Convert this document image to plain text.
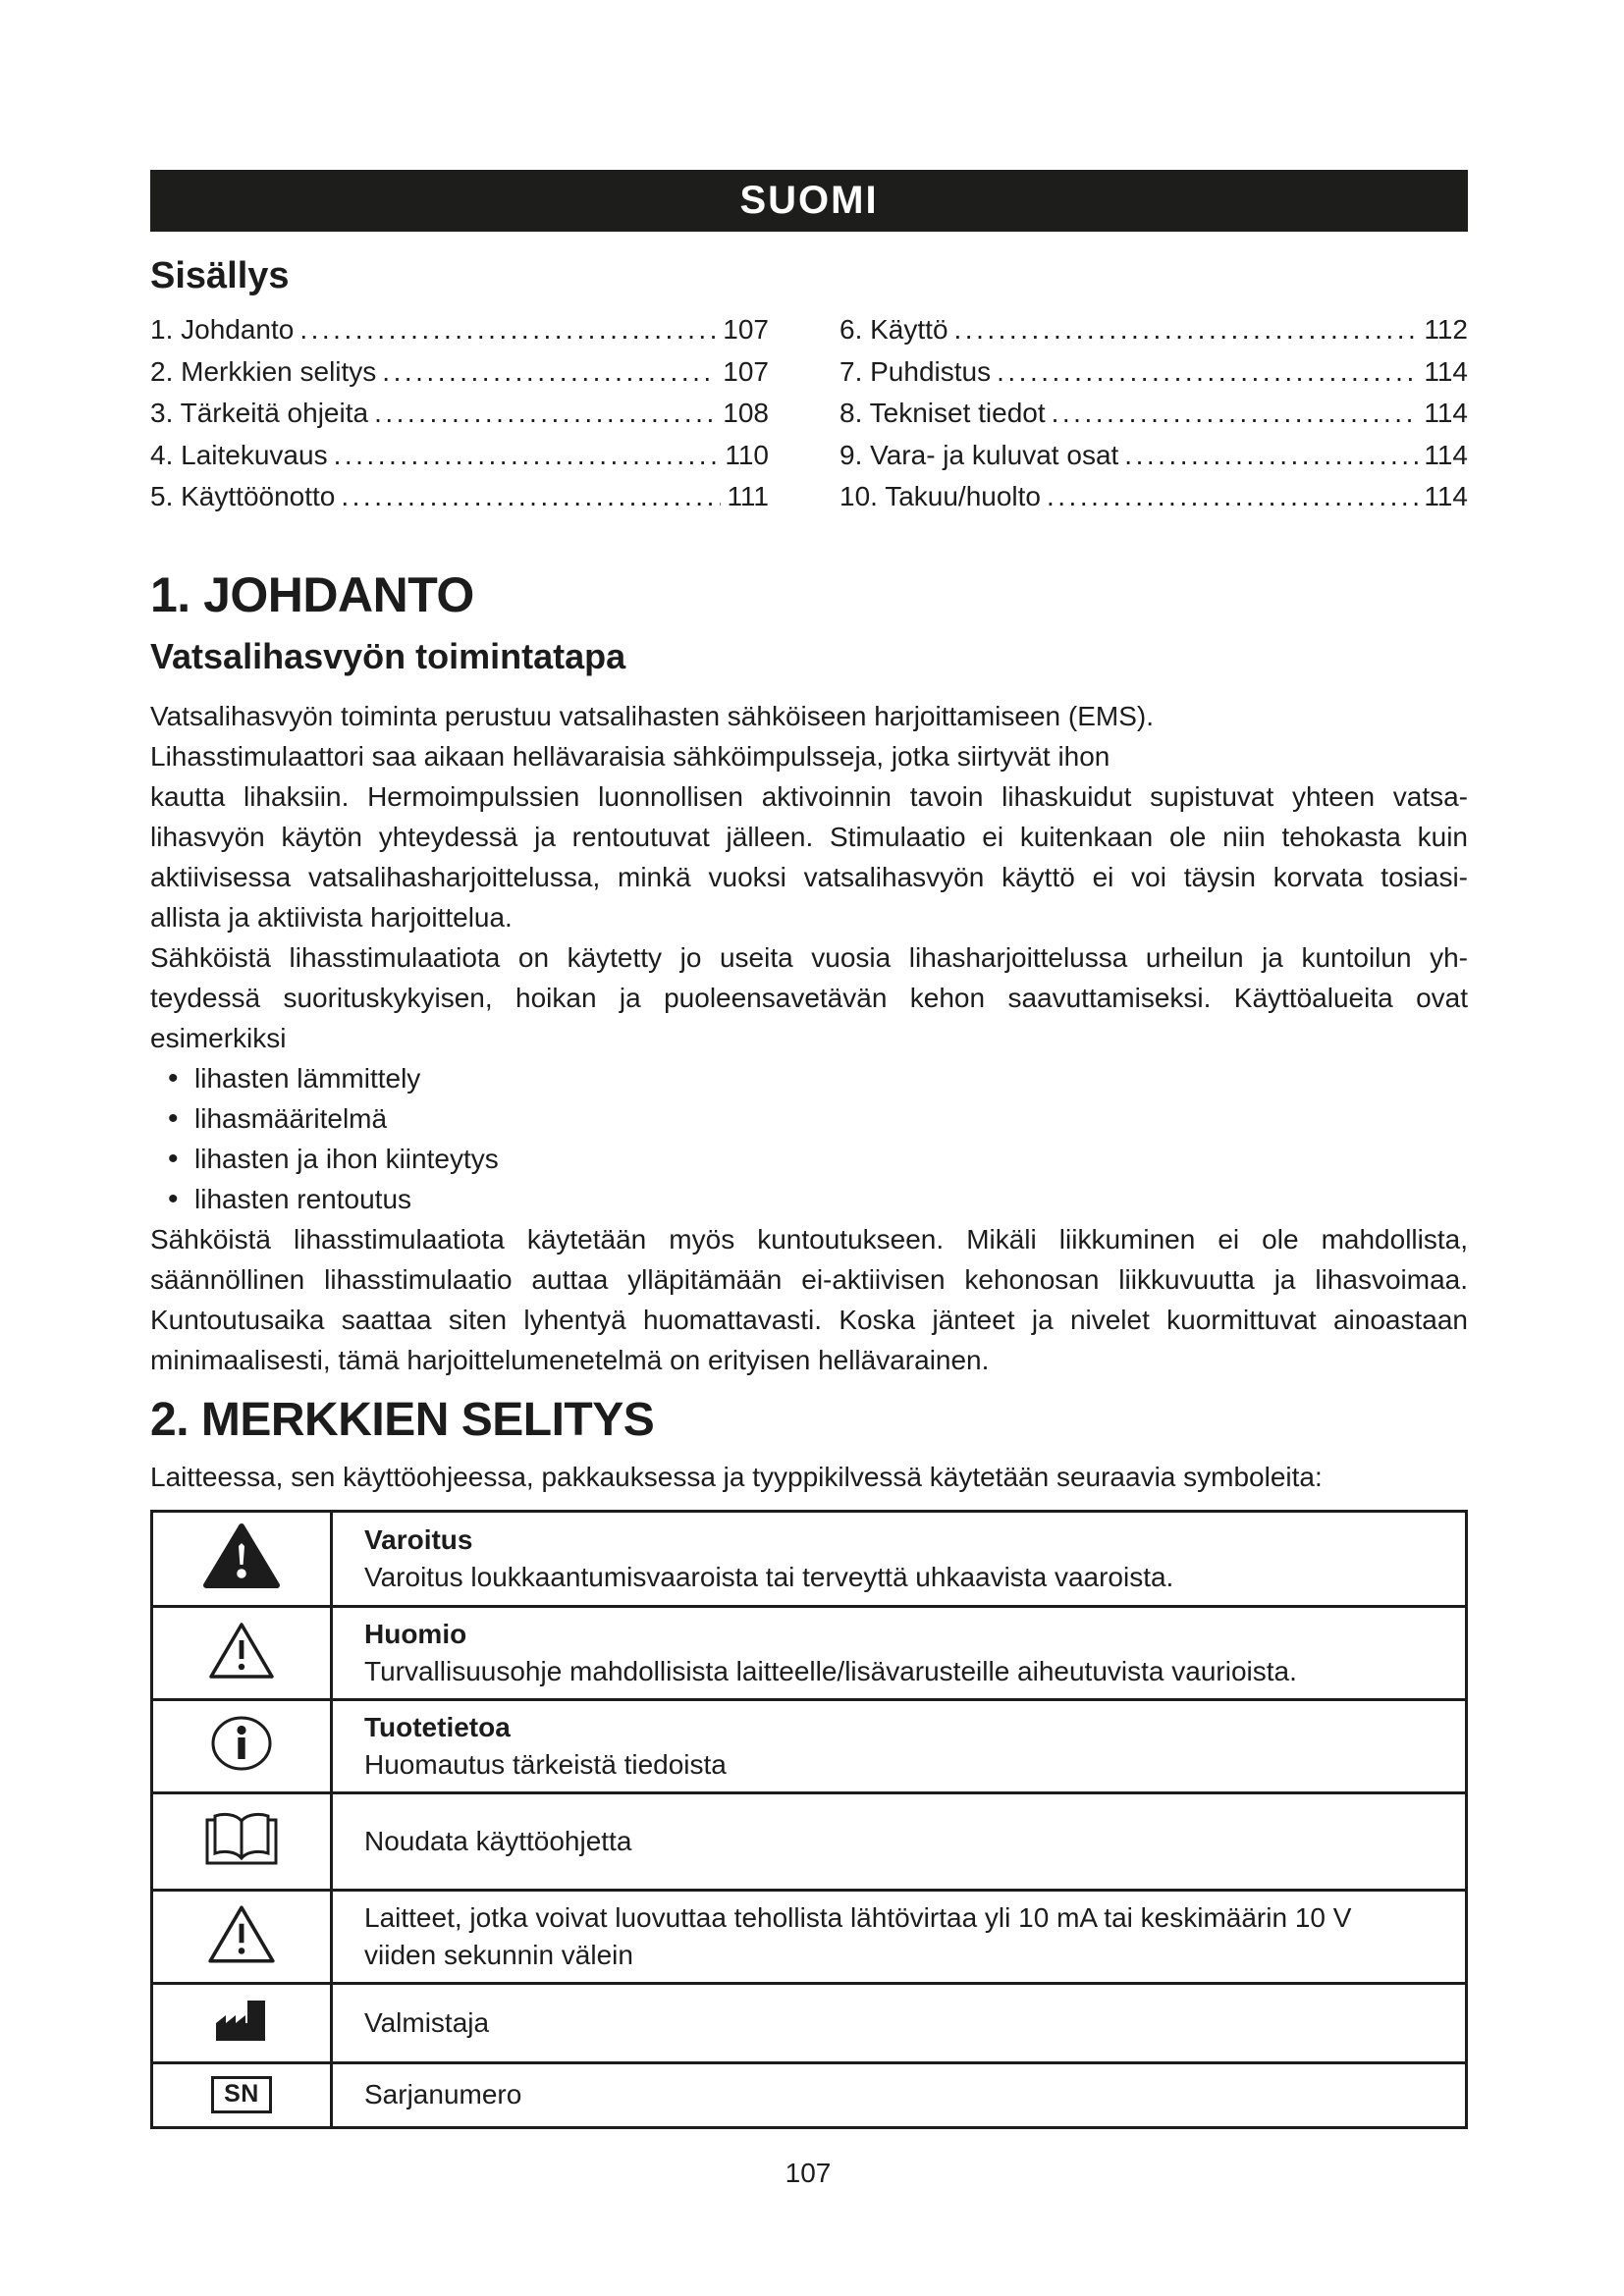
SUOMI
Sisällys
1. Johdanto .....	107
2. Merkkien selitys .....	107
3. Tärkeitä ohjeita .....	108
4. Laitekuvaus .....	110
5. Käyttöönotto .....	111
6. Käyttö .....	112
7. Puhdistus .....	114
8. Tekniset tiedot .....	114
9. Vara- ja kuluvat osat .....	114
10. Takuu/huolto .....	114
1. JOHDANTO
Vatsalihasvyön toimintatapa
Vatsalihasvyön toiminta perustuu vatsalihasten sähköiseen harjoittamiseen (EMS).
Lihasstimulaattori saa aikaan hellävaraisia sähköimpulsseja, jotka siirtyvät ihon
kautta lihaksiin. Hermoimpulssien luonnollisen aktivoinnin tavoin lihaskuidut supistuvat yhteen vatsa-
lihasvyön käytön yhteydessä ja rentoutuvat jälleen. Stimulaatio ei kuitenkaan ole niin tehokasta kuin
aktiivisessa vatsalihasharjoittelussa, minkä vuoksi vatsalihasvyön käyttö ei voi täysin korvata tosiasi-
allista ja aktiivista harjoittelua.
Sähköistä lihasstimulaatiota on käytetty jo useita vuosia lihasharjoittelussa urheilun ja kuntoilun yh-
teydessä suorituskykyisen, hoikan ja puoleensavetävän kehon saavuttamiseksi. Käyttöalueita ovat
esimerkiksi
• lihasten lämmittely
• lihasmääritelmä
• lihasten ja ihon kiinteytys
• lihasten rentoutus
Sähköistä lihasstimulaatiota käytetään myös kuntoutukseen. Mikäli liikkuminen ei ole mahdollista,
säännöllinen lihasstimulaatio auttaa ylläpitämään ei-aktiivisen kehonosan liikkuvuutta ja lihasvoimaa.
Kuntoutusaika saattaa siten lyhentyä huomattavasti. Koska jänteet ja nivelet kuormittuvat ainoastaan
minimaalisesti, tämä harjoittelumenetelmä on erityisen hellävarainen.
2. MERKKIEN SELITYS

Laitteessa, sen käyttöohjeessa, pakkauksessa ja tyyppikilvessä käytetään seuraavia symboleita:

Varoitus
Varoitus loukkaantumisvaaroista tai terveyttä uhkaavista vaaroista.

Huomio
Turvallisuusohje mahdollisista laitteelle/lisävarusteille aiheutuvista vaurioista.

Tuotetietoa
Huomautus tärkeistä tiedoista

Noudata käyttöohjetta

Laitteet, jotka voivat luovuttaa tehollista lähtövirtaa yli 10 mA tai keskimäärin 10 V
viiden sekunnin välein

Valmistaja

SN	Sarjanumero
107
